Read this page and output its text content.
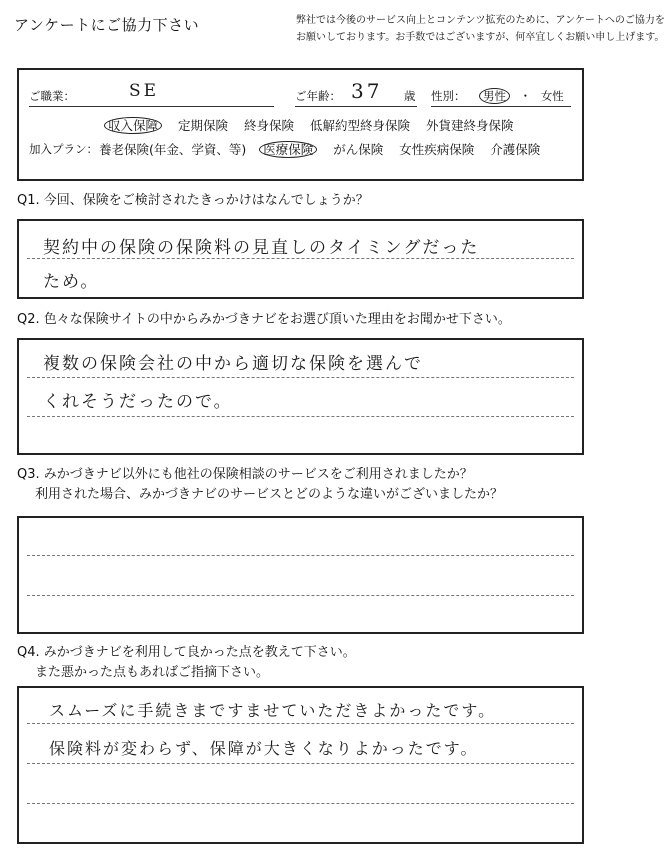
アンケートにご協力下さい	弊社では今後のサービス向上とコンテンツ拡充のために、アンケートへのご協力を
お願いしております。お手数ではございますが、何卒宜しくお願い申し上げます。
ご職業：	SE	ご年齢： 37 歳 性別： 男性 ・ 女性
加入プラン：
収入保障 定期保険 終身保険 低解約型終身保険 外貨建終身保険
養老保険(年金、学資、等) 医療保険 がん保険 女性疾病保険 介護保険
Q1. 今回、保険をご検討されたきっかけはなんでしょうか？
契約中の保険の保険料の見直しのタイミングだった
ため。
Q2. 色々な保険サイトの中からみかづきナビをお選び頂いた理由をお聞かせ下さい。
複数の保険会社の中から適切な保険を選んで
くれそうだったので。
Q3. みかづきナビ以外にも他社の保険相談のサービスをご利用されましたか？
利用された場合、みかづきナビのサービスとどのような違いがございましたか？
Q4. みかづきナビを利用して良かった点を教えて下さい。
また悪かった点もあればご指摘下さい。
スムーズに手続きまですませていただきよかったです。
保険料が変わらず、保障が大きくなりよかったです。
